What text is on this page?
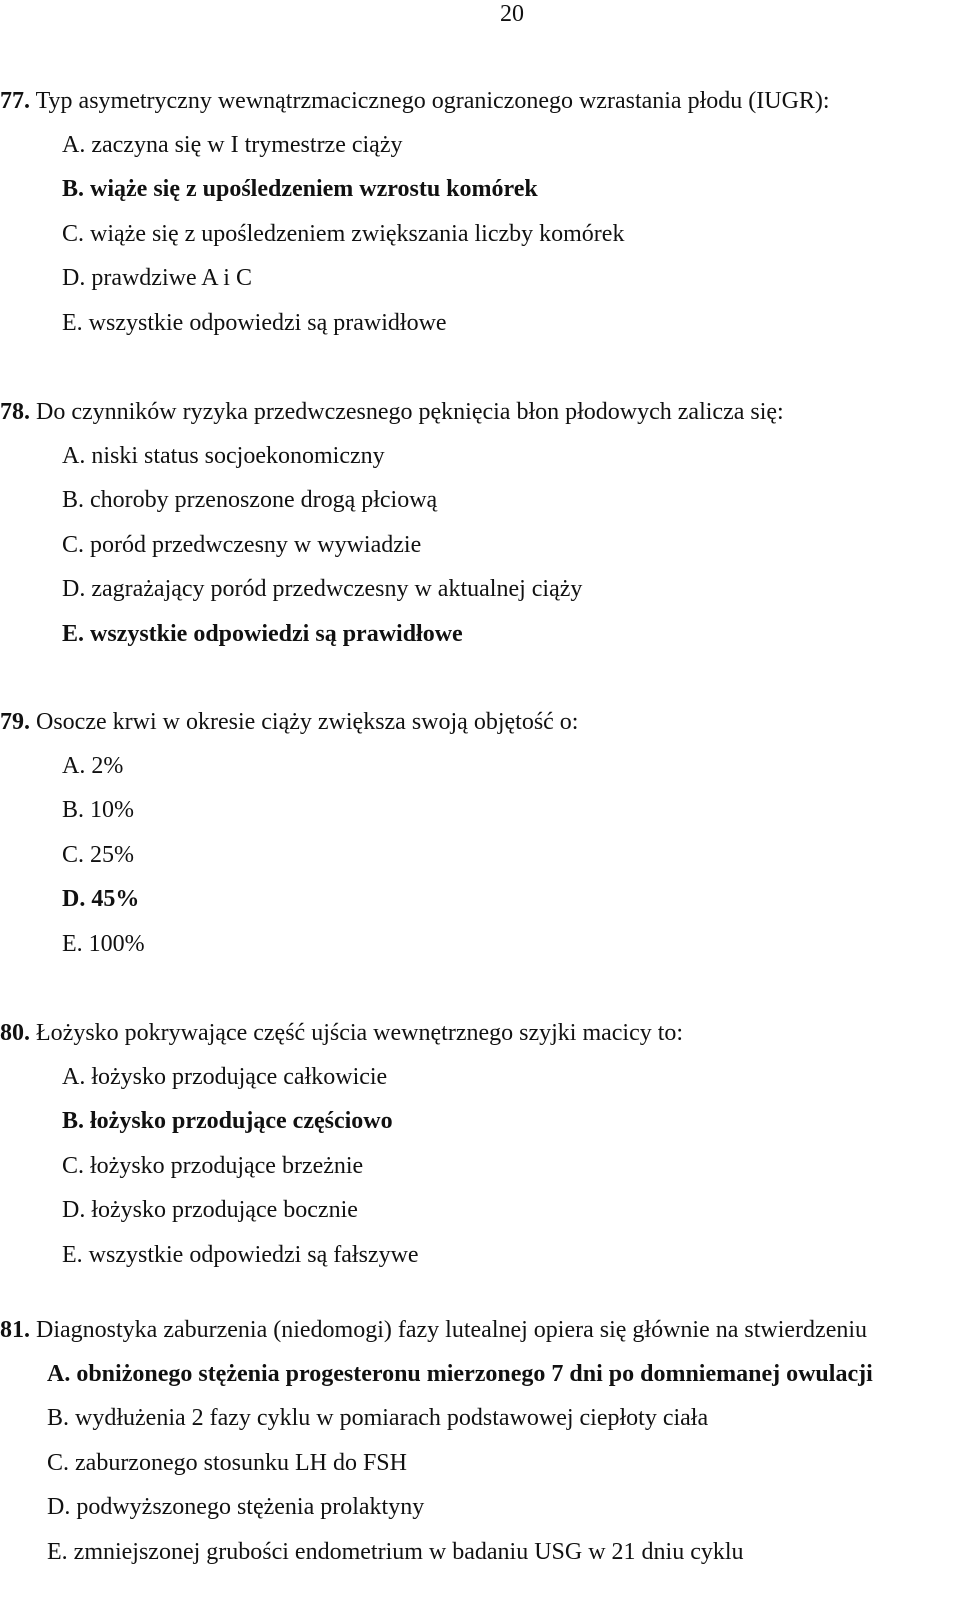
20
77. Typ asymetryczny wewnątrzmacicznego ograniczonego wzrastania płodu (IUGR):
A. zaczyna się w I trymestrze ciąży
B. wiąże się z upośledzeniem wzrostu komórek
C. wiąże się z upośledzeniem zwiększania liczby komórek
D. prawdziwe A i C
E. wszystkie odpowiedzi są prawidłowe
78. Do czynników ryzyka przedwczesnego pęknięcia błon płodowych zalicza się:
A. niski status socjoekonomiczny
B. choroby przenoszone drogą płciową
C. poród przedwczesny w wywiadzie
D. zagrażający poród przedwczesny w aktualnej ciąży
E. wszystkie odpowiedzi są prawidłowe
79. Osocze krwi w okresie ciąży zwiększa swoją objętość o:
A. 2%
B. 10%
C. 25%
D. 45%
E. 100%
80. Łożysko pokrywające część ujścia wewnętrznego szyjki macicy to:
A. łożysko przodujące całkowicie
B. łożysko przodujące częściowo
C. łożysko przodujące brzeżnie
D. łożysko przodujące bocznie
E. wszystkie odpowiedzi są fałszywe
81. Diagnostyka zaburzenia (niedomogi) fazy lutealnej opiera się głównie na stwierdzeniu
A. obniżonego stężenia progesteronu mierzonego 7 dni po domniemanej owulacji
B. wydłużenia 2 fazy cyklu w pomiarach podstawowej ciepłoty ciała
C. zaburzonego stosunku LH do FSH
D. podwyższonego stężenia prolaktyny
E. zmniejszonej grubości endometrium w badaniu USG w 21 dniu cyklu
